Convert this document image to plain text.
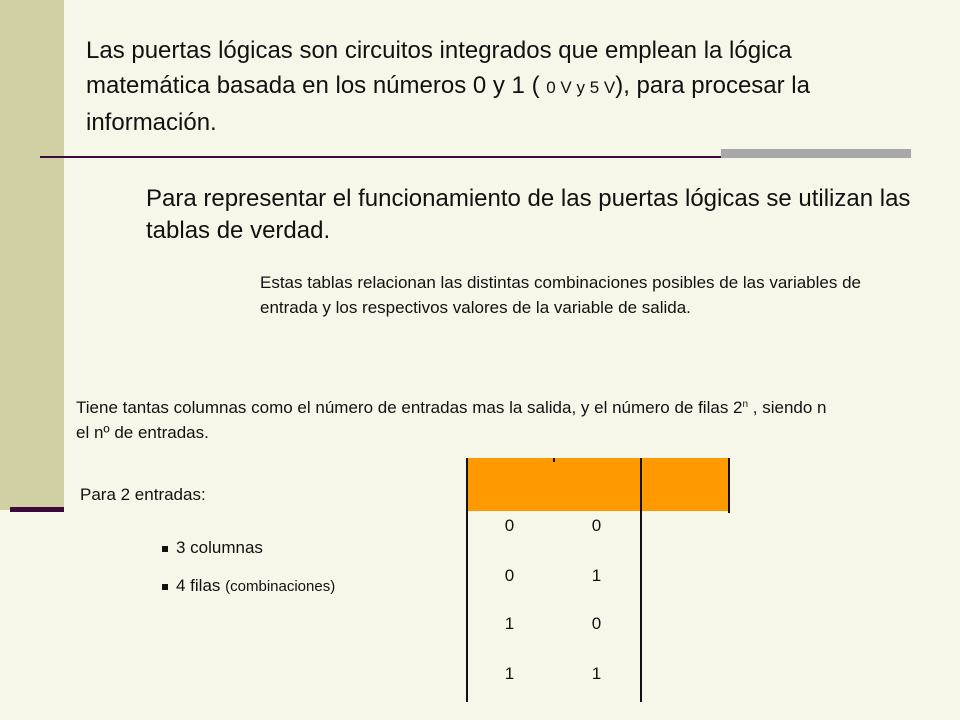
Las puertas lógicas son circuitos integrados que emplean la lógica matemática basada en los números 0 y 1 ( 0 V y 5 V), para procesar la información.
Para representar el funcionamiento de las puertas lógicas se utilizan las tablas de verdad.
Estas tablas relacionan las distintas combinaciones posibles de las variables de entrada y los respectivos valores de la variable de salida.
Tiene tantas columnas como el número de entradas mas la salida, y el número de filas 2$^n$ , siendo n el nº de entradas.
Para 2 entradas:
3 columnas
4 filas (combinaciones)
0	0
0	1
1	0
1	1
